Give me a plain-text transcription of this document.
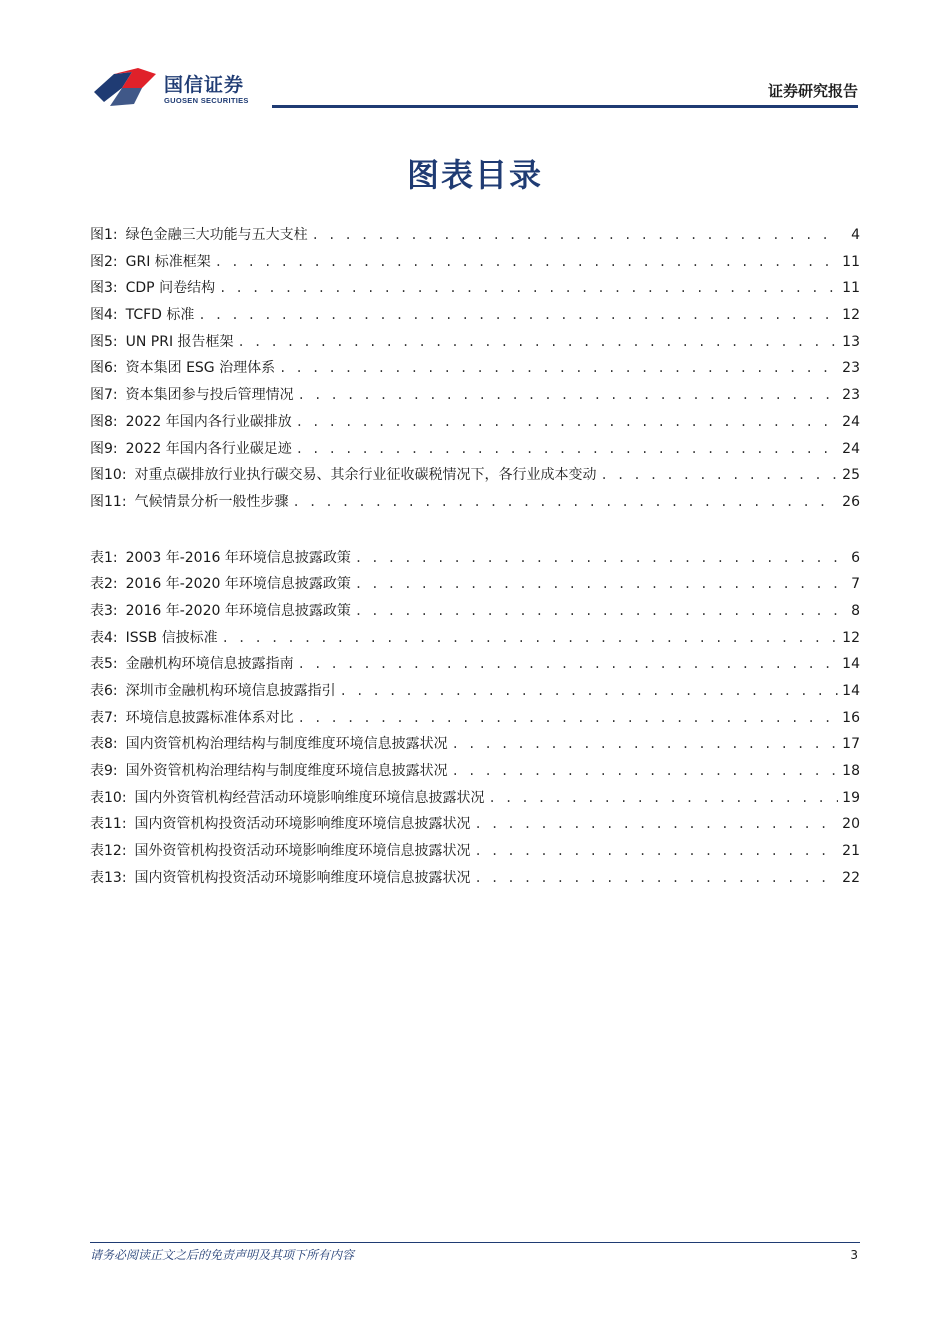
国信证券
GUOSEN SECURITIES
证券研究报告
图表目录
图1: 绿色金融三大功能与五大支柱 . . .	4
图2: GRI 标准框架 . . .	11
图3: CDP 问卷结构 . . .	11
图4: TCFD 标准 . . .	12
图5: UN PRI 报告框架 . . .	13
图6: 资本集团 ESG 治理体系 . . .	23
图7: 资本集团参与投后管理情况 . . .	23
图8: 2022 年国内各行业碳排放 . . .	24
图9: 2022 年国内各行业碳足迹 . . .	24
图10: 对重点碳排放行业执行碳交易、其余行业征收碳税情况下，各行业成本变动 . . .	25
图11: 气候情景分析一般性步骤 . . .	26
表1: 2003 年-2016 年环境信息披露政策 . . .	6
表2: 2016 年-2020 年环境信息披露政策 . . .	7
表3: 2016 年-2020 年环境信息披露政策 . . .	8
表4: ISSB 信披标准 . . .	12
表5: 金融机构环境信息披露指南 . . .	14
表6: 深圳市金融机构环境信息披露指引 . . .	14
表7: 环境信息披露标准体系对比 . . .	16
表8: 国内资管机构治理结构与制度维度环境信息披露状况 . . .	17
表9: 国外资管机构治理结构与制度维度环境信息披露状况 . . .	18
表10: 国内外资管机构经营活动环境影响维度环境信息披露状况 . . .	19
表11: 国内资管机构投资活动环境影响维度环境信息披露状况 . . .	20
表12: 国外资管机构投资活动环境影响维度环境信息披露状况 . . .	21
表13: 国内资管机构投资活动环境影响维度环境信息披露状况 . . .	22
请务必阅读正文之后的免责声明及其项下所有内容	3
